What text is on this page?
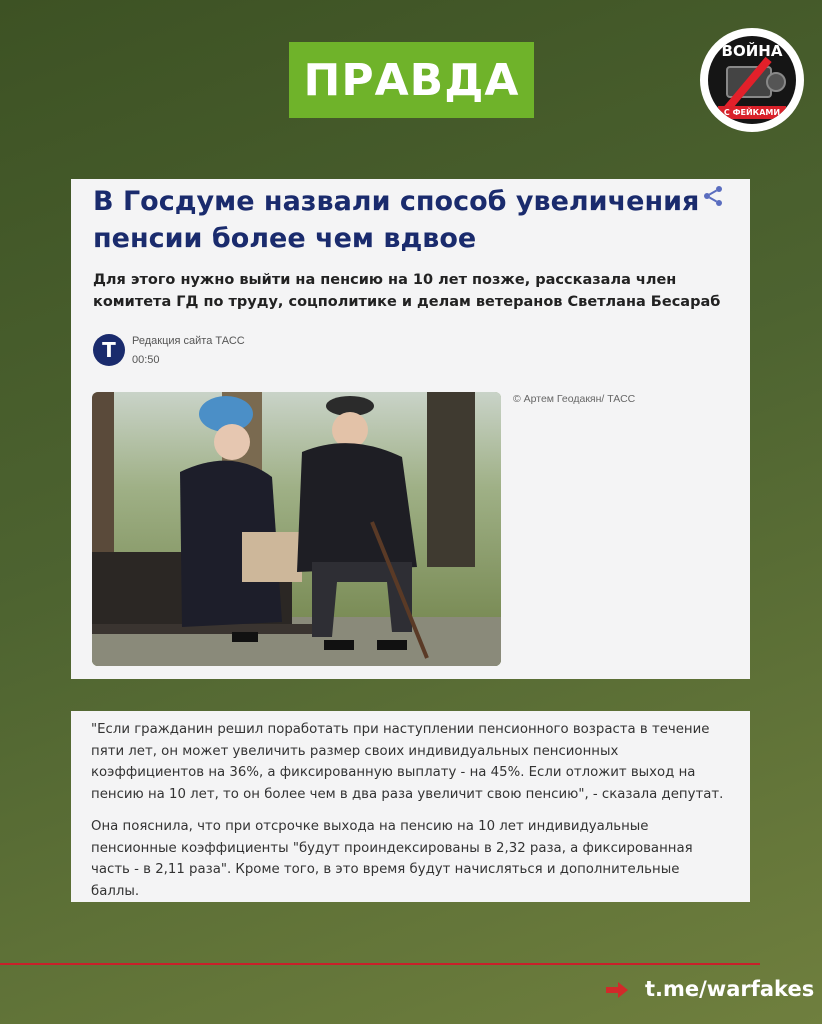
ПРАВДА
ВОЙНА
С ФЕЙКАМИ
В Госдуме назвали способ увеличения пенсии более чем вдвое

Для этого нужно выйти на пенсию на 10 лет позже, рассказала член комитета ГД по труду, соцполитике и делам ветеранов Светлана Бесараб

Т	Редакция сайта ТАСС
00:50
© Артем Геодакян/ ТАСС

"Если гражданин решил поработать при наступлении пенсионного возраста в течение пяти лет, он может увеличить размер своих индивидуальных пенсионных коэффициентов на 36%, а фиксированную выплату - на 45%. Если отложит выход на пенсию на 10 лет, то он более чем в два раза увеличит свою пенсию", - сказала депутат.

Она пояснила, что при отсрочке выхода на пенсию на 10 лет индивидуальные пенсионные коэффициенты "будут проиндексированы в 2,32 раза, а фиксированная часть - в 2,11 раза". Кроме того, в это время будут начисляться и дополнительные баллы.

t.me/warfakes
